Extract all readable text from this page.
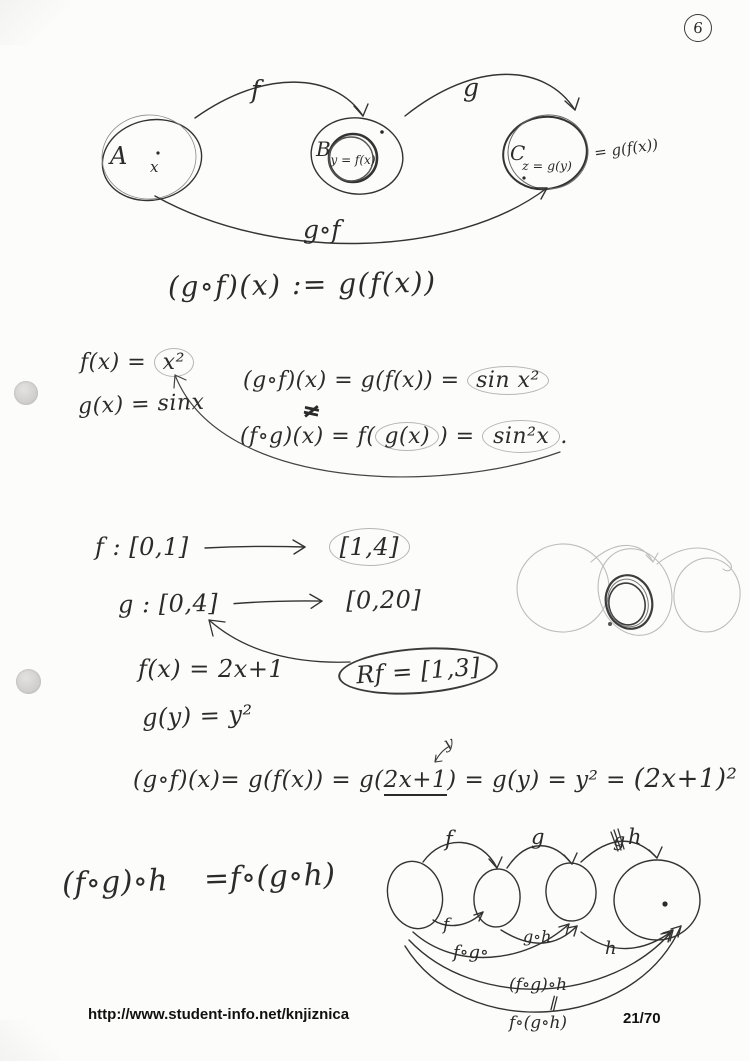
6
A x
f
B y = f(x)
g
C
z = g(y)
= g(f(x))
g∘f
(g∘f)(x) := g(f(x))
f(x) = x²
g(x) = sinx
(g∘f)(x) = g(f(x)) = sin x²
≠
(f∘g)(x) = f( g(x) ) = sin²x .
f : [0,1]	[1,4]
g : [0,4]	[0,20]
f(x) = 2x+1
g(y) = y²
Rf = [1,3]
y
(g∘f)(x)= g(f(x)) = g(2x+1) = g(y) = y² = (2x+1)²
(f∘g)∘h =f∘(g∘h)
f	g	g h
f
g∘h
h
f∘g∘
(f∘g)∘h
∥
f∘(g∘h)
http://www.student-info.net/knjiznica	21/70
